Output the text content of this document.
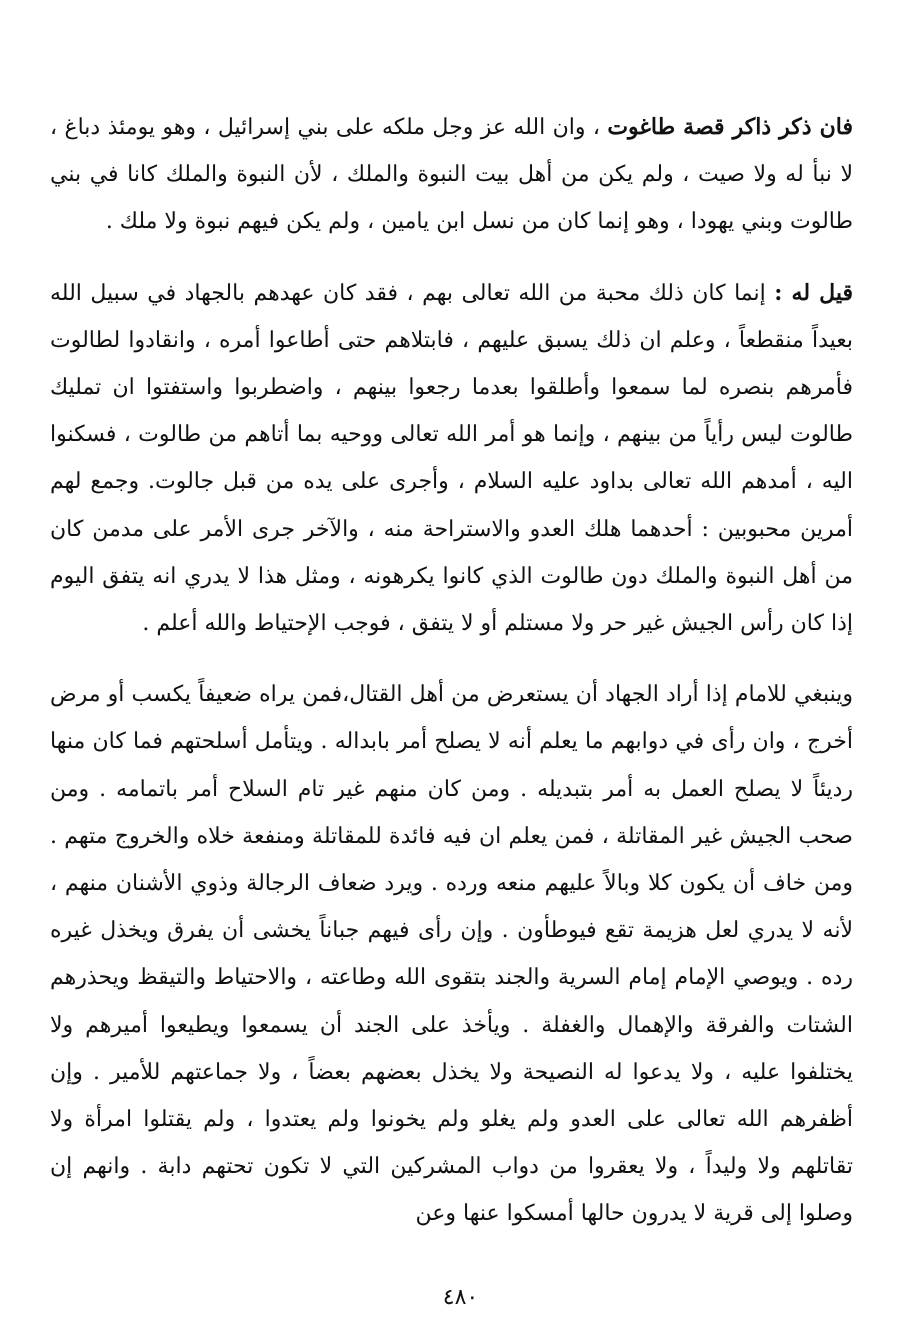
فان ذكر ذاكر قصة طاغوت ، وان الله عز وجل ملكه على بني إسرائيل ، وهو يومئذ دباغ ، لا نبأ له ولا صيت ، ولم يكن من أهل بيت النبوة والملك ، لأن النبوة والملك كانا في بني طالوت وبني يهودا ، وهو إنما كان من نسل ابن يامين ، ولم يكن فيهم نبوة ولا ملك .

قيل له : إنما كان ذلك محبة من الله تعالى بهم ، فقد كان عهدهم بالجهاد في سبيل الله بعيداً منقطعاً ، وعلم ان ذلك يسبق عليهم ، فابتلاهم حتى أطاعوا أمره ، وانقادوا لطالوت فأمرهم بنصره لما سمعوا وأطلقوا بعدما رجعوا بينهم ، واضطربوا واستفتوا ان تمليك طالوت ليس رأياً من بينهم ، وإنما هو أمر الله تعالى ووحيه بما أتاهم من طالوت ، فسكنوا اليه ، أمدهم الله تعالى بداود عليه السلام ، وأجرى على يده من قبل جالوت. وجمع لهم أمرين محبوبين : أحدهما هلك العدو والاستراحة منه ، والآخر جرى الأمر على مدمن كان من أهل النبوة والملك دون طالوت الذي كانوا يكرهونه ، ومثل هذا لا يدري انه يتفق اليوم إذا كان رأس الجيش غير حر ولا مستلم أو لا يتفق ، فوجب الإحتياط والله أعلم .

وينبغي للامام إذا أراد الجهاد أن يستعرض من أهل القتال،فمن يراه ضعيفاً يكسب أو مرض أخرج ، وان رأى في دوابهم ما يعلم أنه لا يصلح أمر بابداله . ويتأمل أسلحتهم فما كان منها رديئاً لا يصلح العمل به أمر بتبديله . ومن كان منهم غير تام السلاح أمر باتمامه . ومن صحب الجيش غير المقاتلة ، فمن يعلم ان فيه فائدة للمقاتلة ومنفعة خلاه والخروج متهم . ومن خاف أن يكون كلا وبالاً عليهم منعه ورده . ويرد ضعاف الرجالة وذوي الأشنان منهم ، لأنه لا يدري لعل هزيمة تقع فيوطأون . وإن رأى فيهم جباناً يخشى أن يفرق ويخذل غيره رده . ويوصي الإمام إمام السرية والجند بتقوى الله وطاعته ، والاحتياط والتيقظ ويحذرهم الشتات والفرقة والإهمال والغفلة . ويأخذ على الجند أن يسمعوا ويطيعوا أميرهم ولا يختلفوا عليه ، ولا يدعوا له النصيحة ولا يخذل بعضهم بعضاً ، ولا جماعتهم للأمير . وإن أظفرهم الله تعالى على العدو ولم يغلو ولم يخونوا ولم يعتدوا ، ولم يقتلوا امرأة ولا تقاتلهم ولا وليداً ، ولا يعقروا من دواب المشركين التي لا تكون تحتهم دابة . وانهم إن وصلوا إلى قرية لا يدرون حالها أمسكوا عنها وعن

٤٨٠
